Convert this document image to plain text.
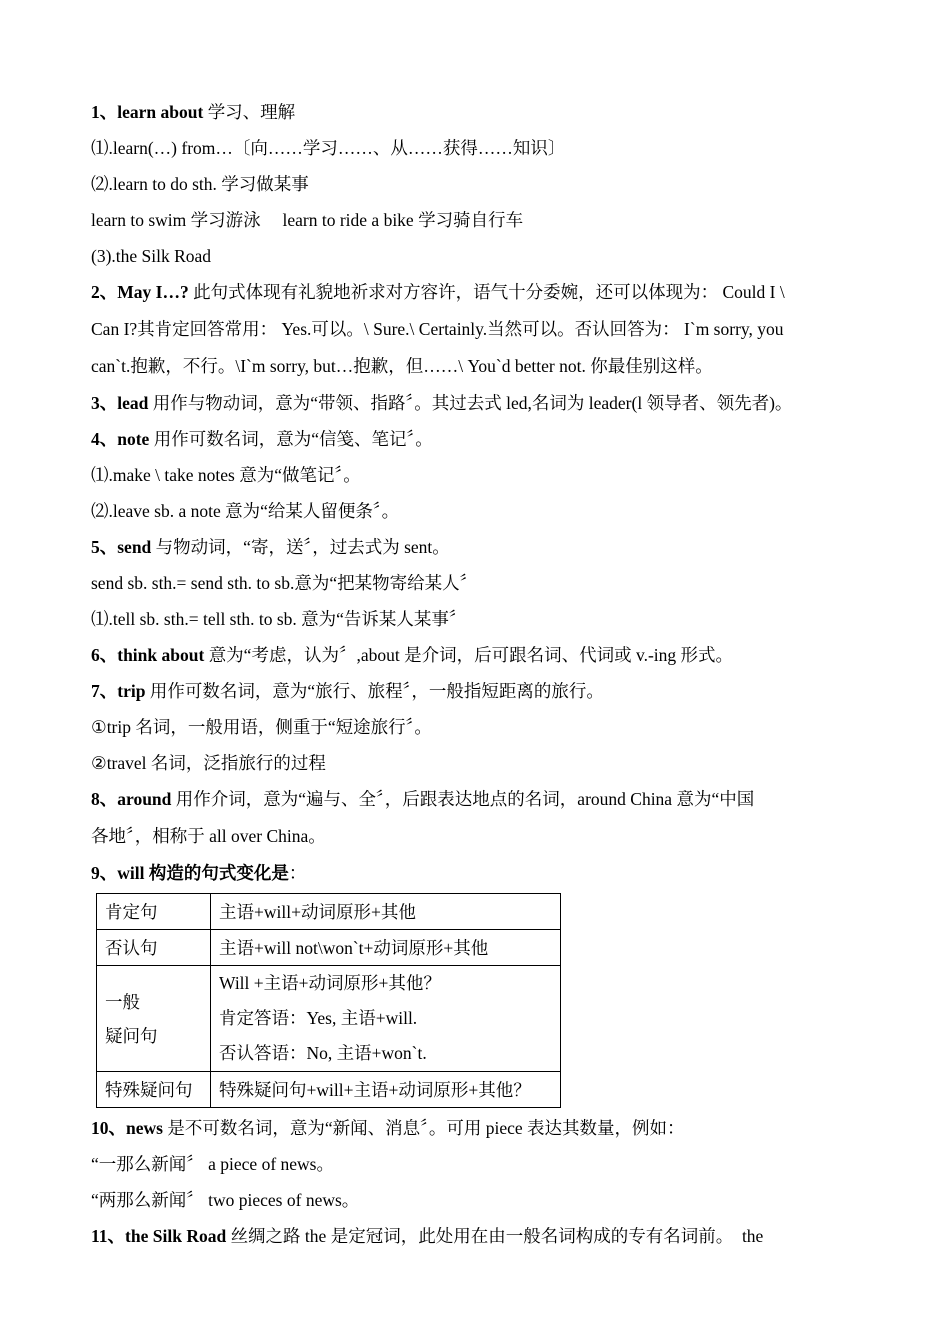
1、learn about 学习、理解
⑴.learn(…) from…〔向……学习……、从……获得……知识〕
⑵.learn to do sth. 学习做某事
learn to swim 学习游泳　 learn to ride a bike 学习骑自行车
(3).the Silk Road
2、May I…? 此句式体现有礼貌地祈求对方容许，语气十分委婉，还可以体现为： Could I \
Can I?其肯定回答常用： Yes.可以。\ Sure.\ Certainly.当然可以。否认回答为： I`m sorry, you
can`t.抱歉，不行。\I`m sorry, but…抱歉，但……\ You`d better not. 你最佳别这样。
3、lead 用作与物动词，意为“带领、指路〞。其过去式 led,名词为 leader(l 领导者、领先者)。
4、note 用作可数名词，意为“信笺、笔记〞。
⑴.make \ take notes 意为“做笔记〞。
⑵.leave sb. a note 意为“给某人留便条〞。
5、send 与物动词，“寄，送〞，过去式为 sent。
send sb. sth.= send sth. to sb.意为“把某物寄给某人〞
⑴.tell sb. sth.= tell sth. to sb. 意为“告诉某人某事〞
6、think about 意为“考虑，认为〞,about 是介词，后可跟名词、代词或 v.-ing 形式。
7、trip 用作可数名词，意为“旅行、旅程〞，一般指短距离的旅行。
①trip 名词，一般用语，侧重于“短途旅行〞。
②travel 名词，泛指旅行的过程
8、around 用作介词，意为“遍与、全〞，后跟表达地点的名词，around China 意为“中国
各地〞，相称于 all over China。
9、will 构造的句式变化是：
肯定句	主语+will+动词原形+其他
否认句	主语+will not\won`t+动词原形+其他

一般
疑问句	Will +主语+动词原形+其他？
肯定答语：Yes, 主语+will.
否认答语：No, 主语+won`t.

特殊疑问句	特殊疑问句+will+主语+动词原形+其他？
10、news 是不可数名词，意为“新闻、消息〞。可用 piece 表达其数量，例如：
“一那么新闻〞 a piece of news。
“两那么新闻〞 two pieces of news。
11、the Silk Road 丝绸之路 the 是定冠词，此处用在由一般名词构成的专有名词前。　the
